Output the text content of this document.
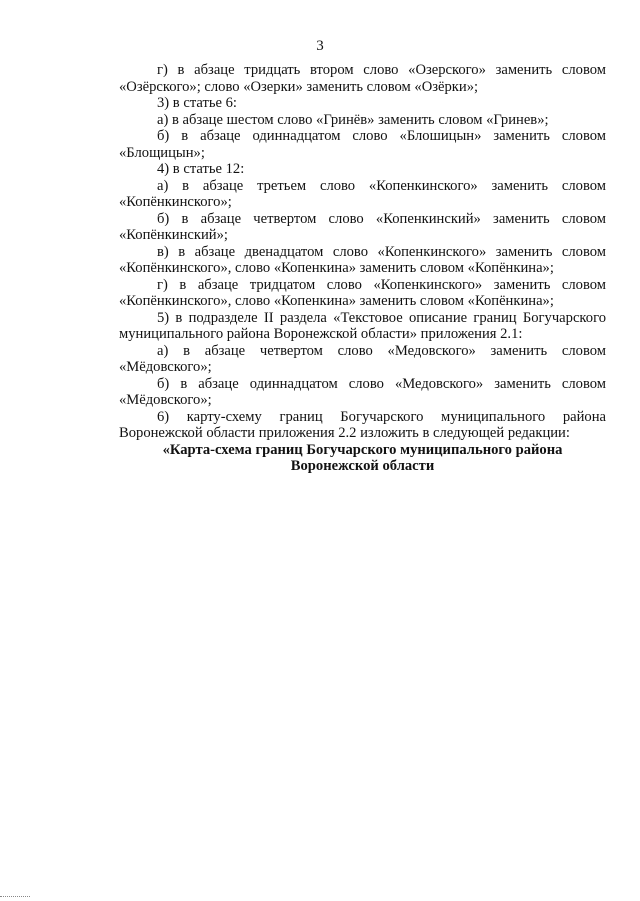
3
г) в абзаце тридцать втором слово «Озерского» заменить словом
«Озёрского»; слово «Озерки» заменить словом «Озёрки»;
3) в статье 6:
а) в абзаце шестом слово «Гринёв» заменить словом «Гринев»;
б) в абзаце одиннадцатом слово «Блошицын» заменить словом
«Блощицын»;
4) в статье 12:
а) в абзаце третьем слово «Копенкинского» заменить словом
«Копёнкинского»;
б) в абзаце четвертом слово «Копенкинский» заменить словом
«Копёнкинский»;
в) в абзаце двенадцатом слово «Копенкинского» заменить словом
«Копёнкинского», слово «Копенкина» заменить словом «Копёнкина»;
г) в абзаце тридцатом слово «Копенкинского» заменить словом
«Копёнкинского», слово «Копенкина» заменить словом «Копёнкина»;
5) в подразделе II раздела «Текстовое описание границ Богучарского
муниципального района Воронежской области» приложения 2.1:
а) в абзаце четвертом слово «Медовского» заменить словом
«Мёдовского»;
б) в абзаце одиннадцатом слово «Медовского» заменить словом
«Мёдовского»;
6) карту-схему границ Богучарского муниципального района
Воронежской области приложения 2.2 изложить в следующей редакции:

«Карта-схема границ Богучарского муниципального района
Воронежской области
